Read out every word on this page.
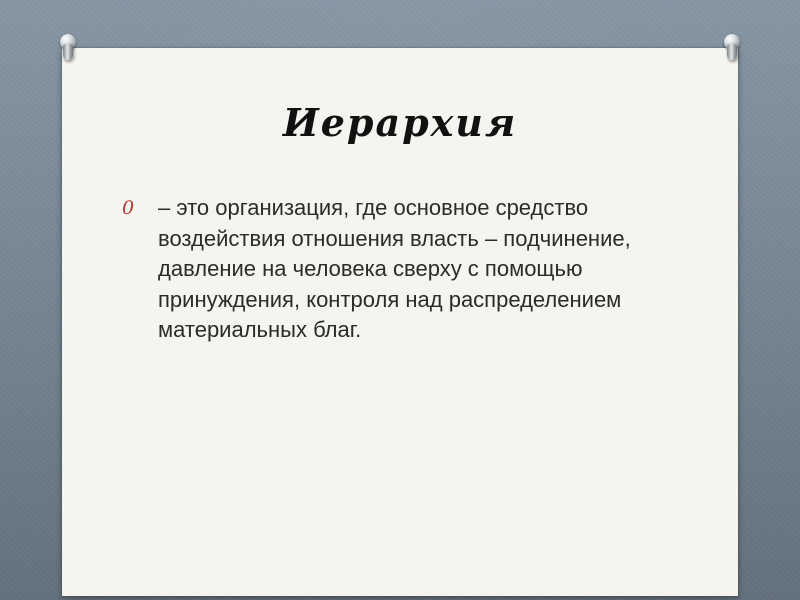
Иерархия
0	– это организация, где основное средство воздействия отношения власть – подчинение, давление на человека сверху с помощью принуждения, контроля над распределением материальных благ.
